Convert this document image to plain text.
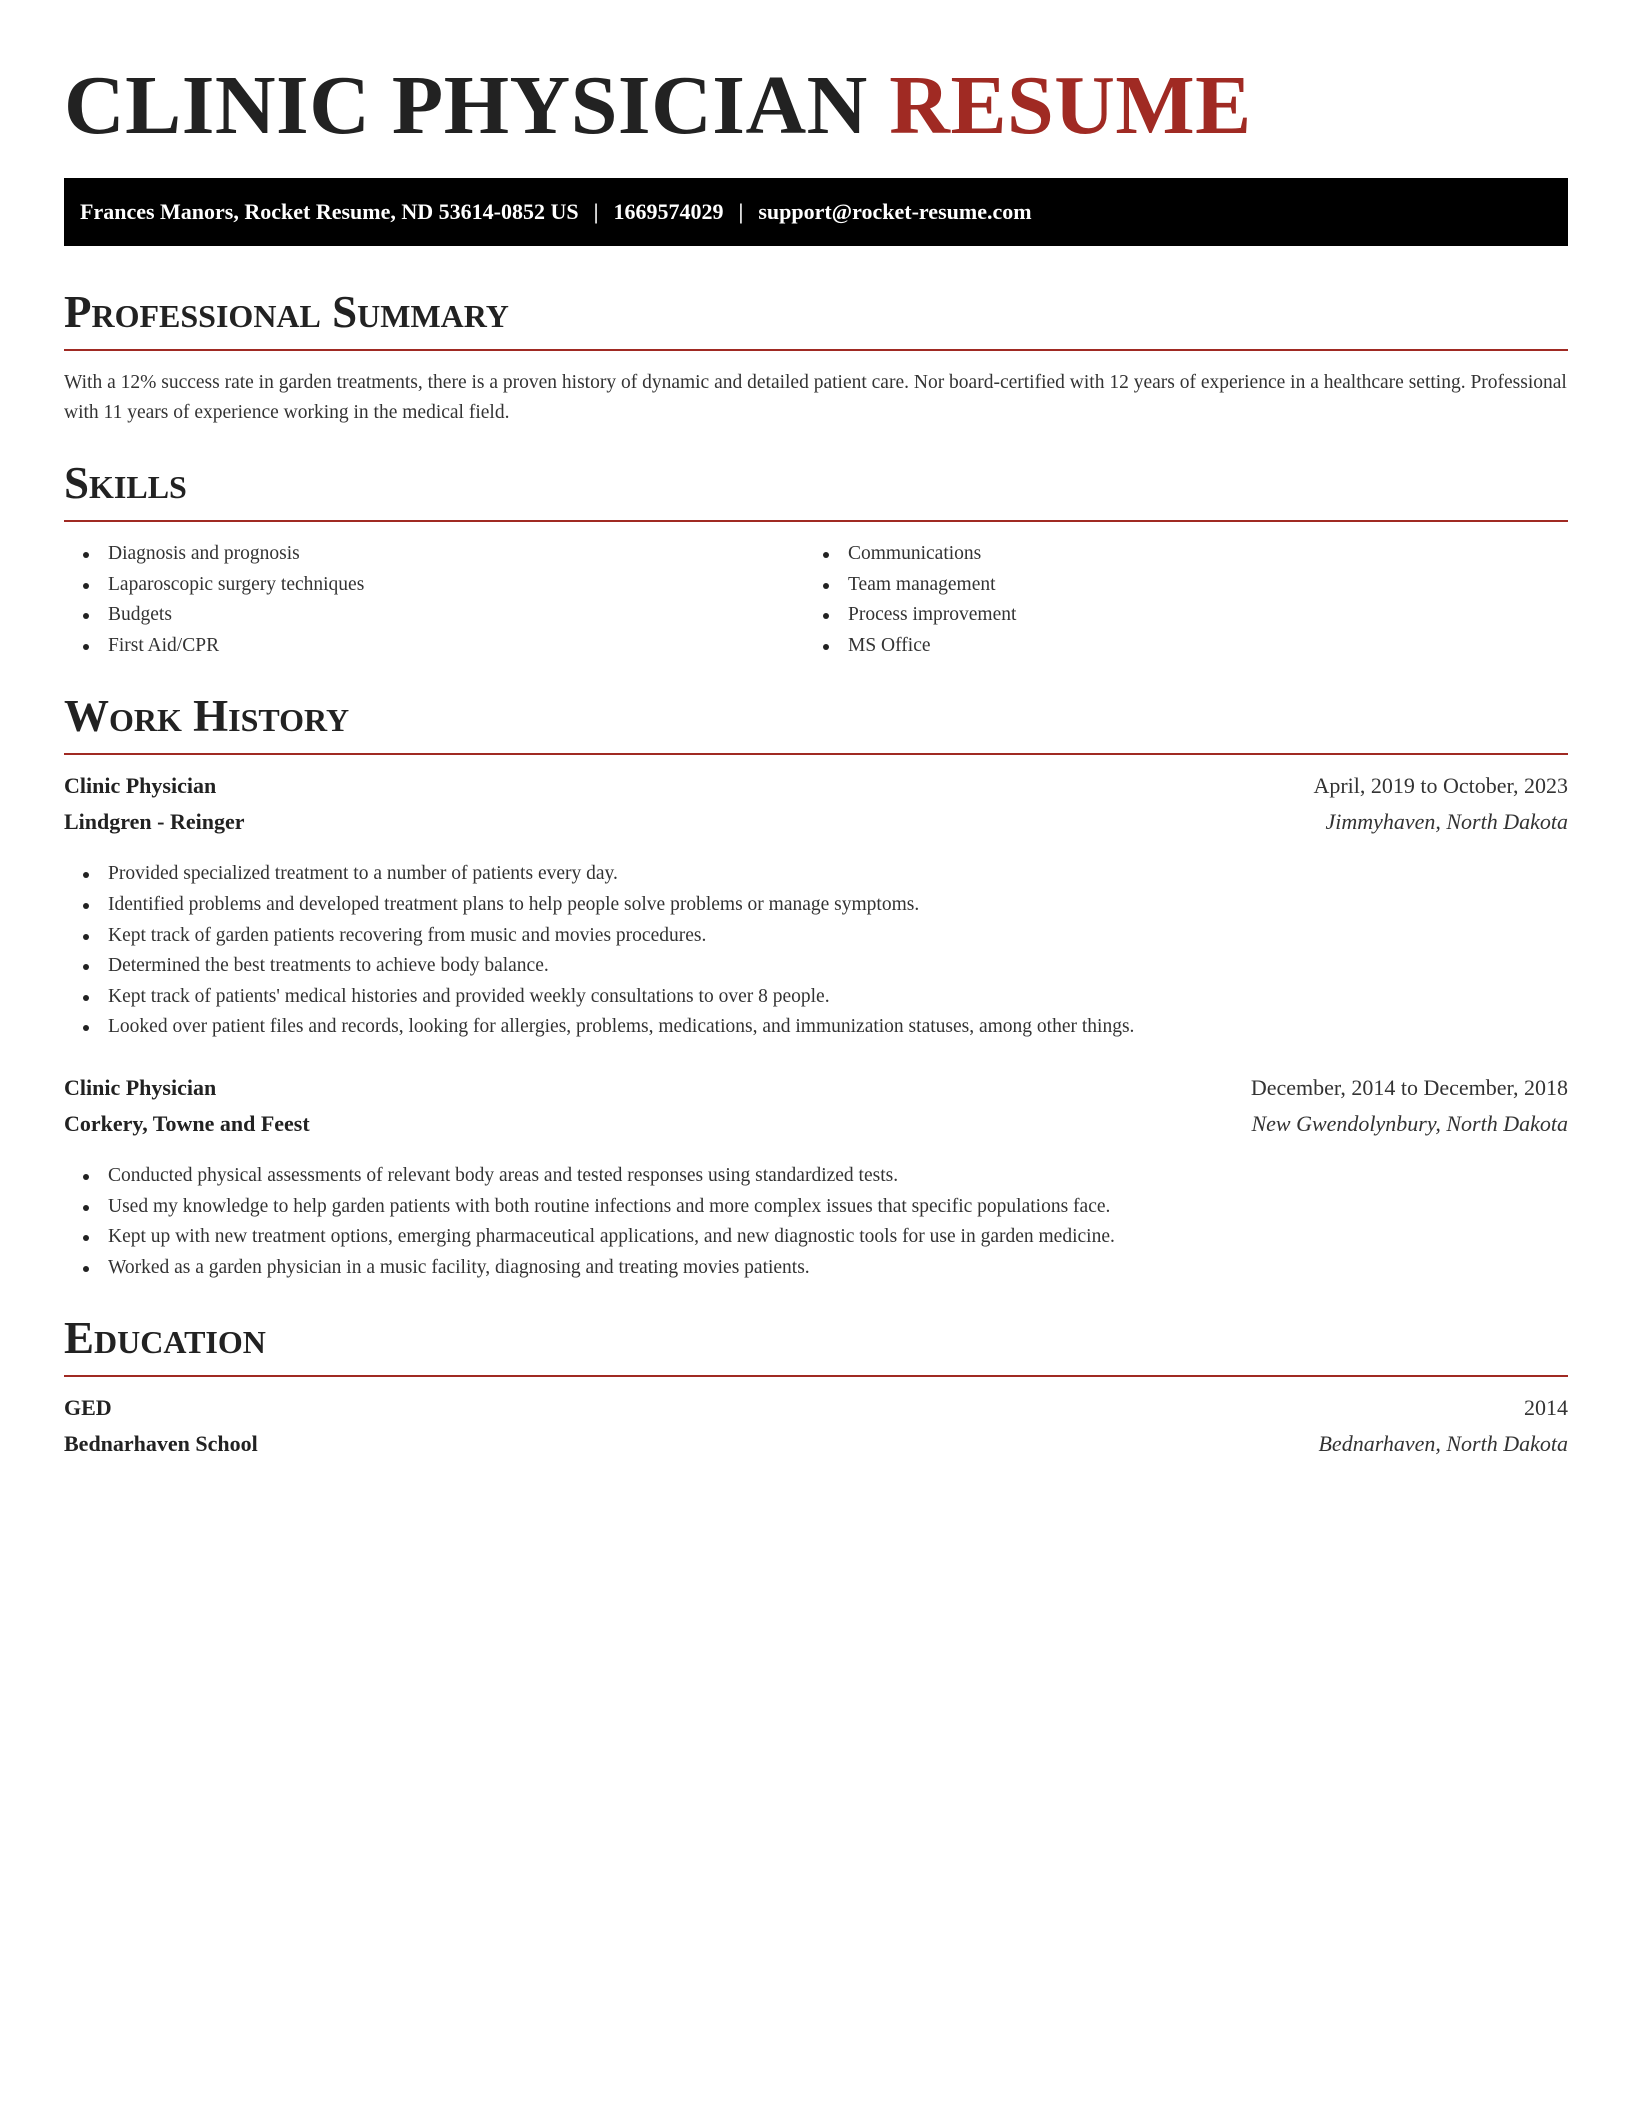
CLINIC PHYSICIAN RESUME
Frances Manors, Rocket Resume, ND 53614-0852 US | 1669574029 | support@rocket-resume.com
Professional Summary

With a 12% success rate in garden treatments, there is a proven history of dynamic and detailed patient care. Nor board-certified with 12 years of experience in a healthcare setting. Professional with 11 years of experience working in the medical field.

Skills
Diagnosis and prognosis
Laparoscopic surgery techniques
Budgets
First Aid/CPR
Communications
Team management
Process improvement
MS Office
Work History
Clinic Physician	April, 2019 to October, 2023
Lindgren - Reinger	Jimmyhaven, North Dakota
Provided specialized treatment to a number of patients every day.
Identified problems and developed treatment plans to help people solve problems or manage symptoms.
Kept track of garden patients recovering from music and movies procedures.
Determined the best treatments to achieve body balance.
Kept track of patients' medical histories and provided weekly consultations to over 8 people.
Looked over patient files and records, looking for allergies, problems, medications, and immunization statuses, among other things.
Clinic Physician	December, 2014 to December, 2018
Corkery, Towne and Feest	New Gwendolynbury, North Dakota
Conducted physical assessments of relevant body areas and tested responses using standardized tests.
Used my knowledge to help garden patients with both routine infections and more complex issues that specific populations face.
Kept up with new treatment options, emerging pharmaceutical applications, and new diagnostic tools for use in garden medicine.
Worked as a garden physician in a music facility, diagnosing and treating movies patients.
Education
GED	2014
Bednarhaven School	Bednarhaven, North Dakota
